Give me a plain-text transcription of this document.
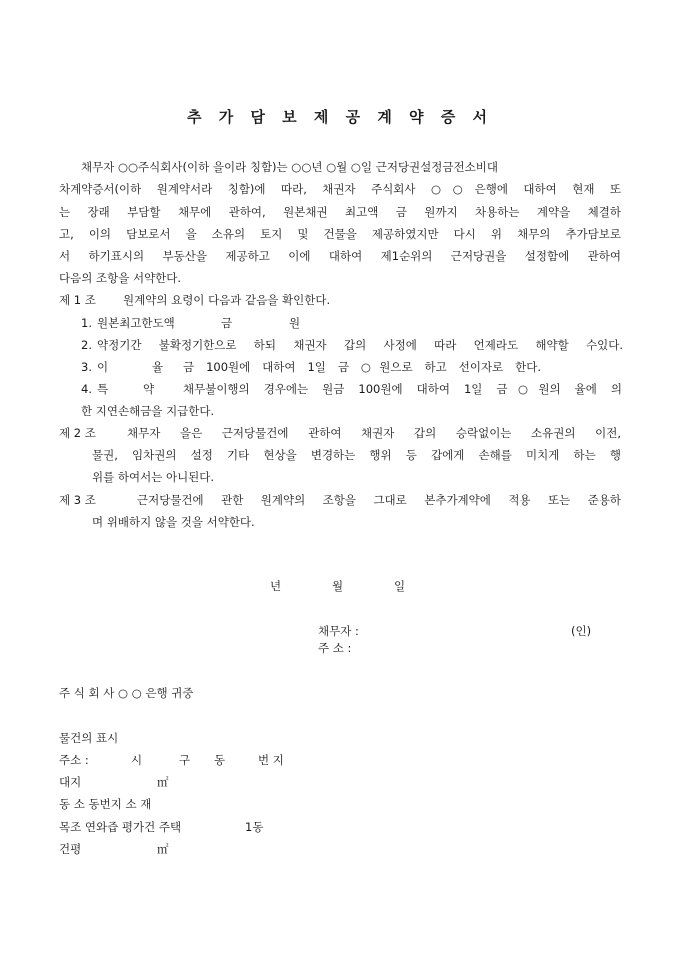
추 가 담 보 제 공 계 약 증 서
채무자 ○○주식회사(이하 을이라 칭함)는 ○○년 ○월 ○일 근저당권설정금전소비대
차계약증서(이하 원계약서라 칭함)에 따라, 채권자 주식회사 ○○은행에 대하여 현재 또
는 장래 부담할 채무에 관하여, 원본채권 최고액 금 원까지 차용하는 계약을 체결하
고, 이의 담보로서 을 소유의 토지 및 건물을 제공하였지만 다시 위 채무의 추가담보로
서 하기표시의 부동산을 제공하고 이에 대하여 제1순위의 근저당권을 설정함에 관하여
다음의 조항을 서약한다.
제 1 조 원계약의 요령이 다음과 같음을 확인한다.
1. 원본최고한도액	금	원
2. 약정기간 불확정기한으로 하되 채권자 갑의 사정에 따라 언제라도 해약할 수있다.
3. 이	율 금 100원에 대하여 1일 금 ○원으로 하고 선이자로 한다.
4. 특	약	채무불이행의 경우에는 원금 100원에 대하여 1일 금○원의 율에 의
한 지연손해금을 지급한다.
제 2 조	채무자 을은 근저당물건에 관하여 채권자 갑의 승락없이는 소유권의 이전,
물권, 임차권의 설정 기타 현상을 변경하는 행위 등 갑에게 손해를 미치게 하는 행
위를 하여서는 아니된다.
제 3 조	근저당물건에 관한 원계약의 조항을 그대로 본추가계약에 적용 또는 준용하
며 위배하지 않을 것을 서약한다.
년	월	일
채무자 :	(인)
주 소 :
주 식 회 사 ○ ○ 은행 귀중
물건의 표시
주소 :	시	구 동	번 지
대지	㎡
동 소 동번지 소 재
목조 연와즙 평가건 주택	1동
건평	㎡
